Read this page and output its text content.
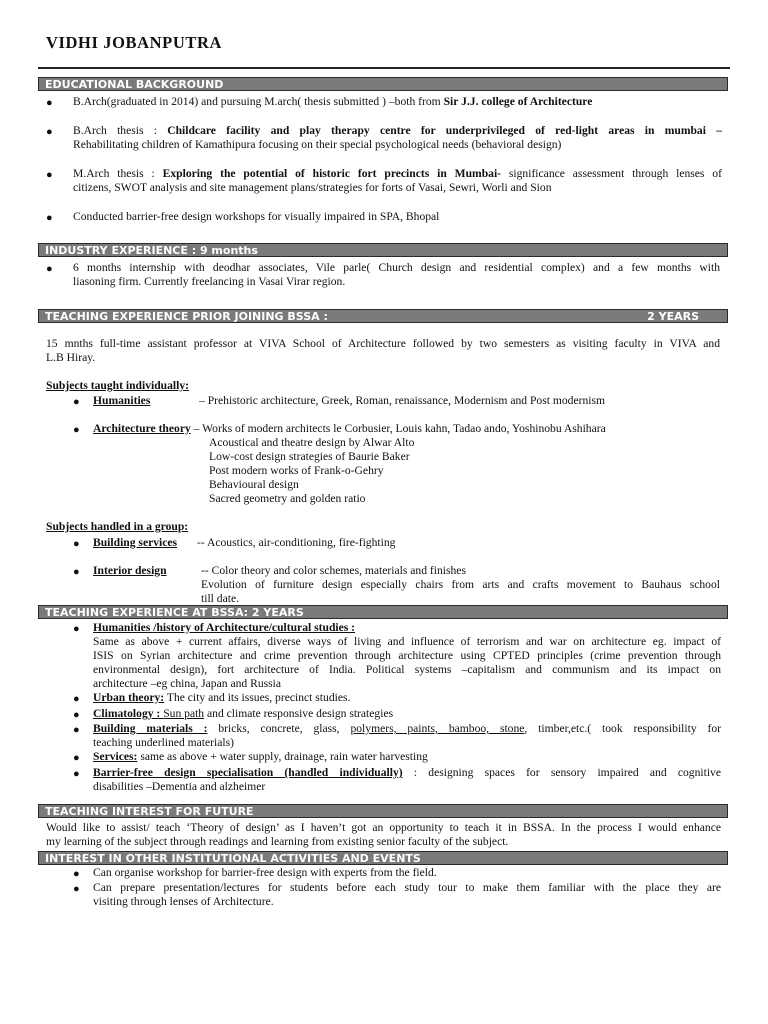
VIDHI JOBANPUTRA
EDUCATIONAL BACKGROUND
● B.Arch(graduated in 2014) and pursuing M.arch( thesis submitted ) –both from Sir J.J. college of Architecture
● B.Arch thesis : Childcare facility and play therapy centre for underprivileged of red-light areas in mumbai –
Rehabilitating children of Kamathipura focusing on their special psychological needs (behavioral design)
● M.Arch thesis : Exploring the potential of historic fort precincts in Mumbai- significance assessment through lenses of
citizens, SWOT analysis and site management plans/strategies for forts of Vasai, Sewri, Worli and Sion
● Conducted barrier-free design workshops for visually impaired in SPA, Bhopal
INDUSTRY EXPERIENCE : 9 months
● 6 months internship with deodhar associates, Vile parle( Church design and residential complex) and a few months with
liasoning firm. Currently freelancing in Vasai Virar region.
TEACHING EXPERIENCE PRIOR JOINING BSSA :	2 YEARS
15 mnths full-time assistant professor at VIVA School of Architecture followed by two semesters as visiting faculty in VIVA and
L.B Hiray.
Subjects taught individually:
● Humanities	– Prehistoric architecture, Greek, Roman, renaissance, Modernism and Post modernism
● Architecture theory – Works of modern architects le Corbusier, Louis kahn, Tadao ando, Yoshinobu Ashihara
Acoustical and theatre design by Alwar Alto
Low-cost design strategies of Baurie Baker
Post modern works of Frank-o-Gehry
Behavioural design
Sacred geometry and golden ratio
Subjects handled in a group:
● Building services -- Acoustics, air-conditioning, fire-fighting
● Interior design	-- Color theory and color schemes, materials and finishes
Evolution of furniture design especially chairs from arts and crafts movement to Bauhaus school
till date.
TEACHING EXPERIENCE AT BSSA: 2 YEARS
● Humanities /history of Architecture/cultural studies :
Same as above + current affairs, diverse ways of living and influence of terrorism and war on architecture eg. impact of
ISIS on Syrian architecture and crime prevention through architecture using CPTED principles (crime prevention through
environmental design), fort architecture of India. Political systems –capitalism and communism and its impact on
architecture –eg china, Japan and Russia
● Urban theory: The city and its issues, precinct studies.
● Climatology : Sun path and climate responsive design strategies
● Building materials : bricks, concrete, glass, polymers, paints, bamboo, stone, timber,etc.( took responsibility for
teaching underlined materials)
● Services: same as above + water supply, drainage, rain water harvesting
● Barrier-free design specialisation (handled individually) : designing spaces for sensory impaired and cognitive
disabilities –Dementia and alzheimer
TEACHING INTEREST FOR FUTURE
Would like to assist/ teach ‘Theory of design’ as I haven’t got an opportunity to teach it in BSSA. In the process I would enhance
my learning of the subject through readings and learning from existing senior faculty of the subject.
INTEREST IN OTHER INSTITUTIONAL ACTIVITIES AND EVENTS
● Can organise workshop for barrier-free design with experts from the field.
● Can prepare presentation/lectures for students before each study tour to make them familiar with the place they are
visiting through lenses of Architecture.
